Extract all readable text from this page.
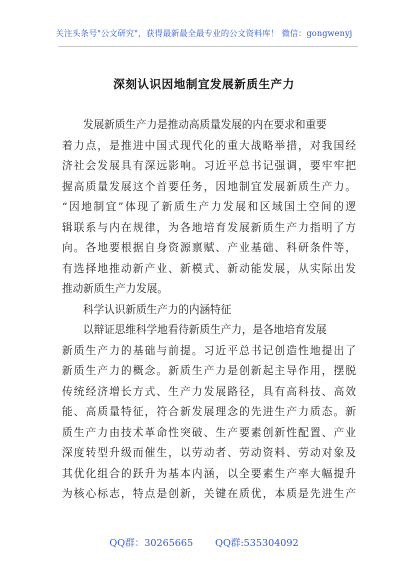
关注头条号"公文研究"，获得最新最全最专业的公文资料库！ 微信：gongwenyj
深刻认识因地制宜发展新质生产力
发展新质生产力是推动高质量发展的内在要求和重要
着力点，是推进中国式现代化的重大战略举措，对我国经
济社会发展具有深远影响。习近平总书记强调，要牢牢把
握高质量发展这个首要任务，因地制宜发展新质生产力。
“因地制宜”体现了新质生产力发展和区域国土空间的逻
辑联系与内在规律，为各地培育发展新质生产力指明了方
向。各地要根据自身资源禀赋、产业基础、科研条件等，
有选择地推动新产业、新模式、新动能发展，从实际出发
推动新质生产力发展。
科学认识新质生产力的内涵特征
以辩证思维科学地看待新质生产力，是各地培育发展
新质生产力的基础与前提。习近平总书记创造性地提出了
新质生产力的概念。新质生产力是创新起主导作用，摆脱
传统经济增长方式、生产力发展路径，具有高科技、高效
能、高质量特征，符合新发展理念的先进生产力质态。新
质生产力由技术革命性突破、生产要素创新性配置、产业
深度转型升级而催生，以劳动者、劳动资料、劳动对象及
其优化组合的跃升为基本内涵，以全要素生产率大幅提升
为核心标志，特点是创新，关键在质优，本质是先进生产
QQ群：30265665 QQ群:535304092
